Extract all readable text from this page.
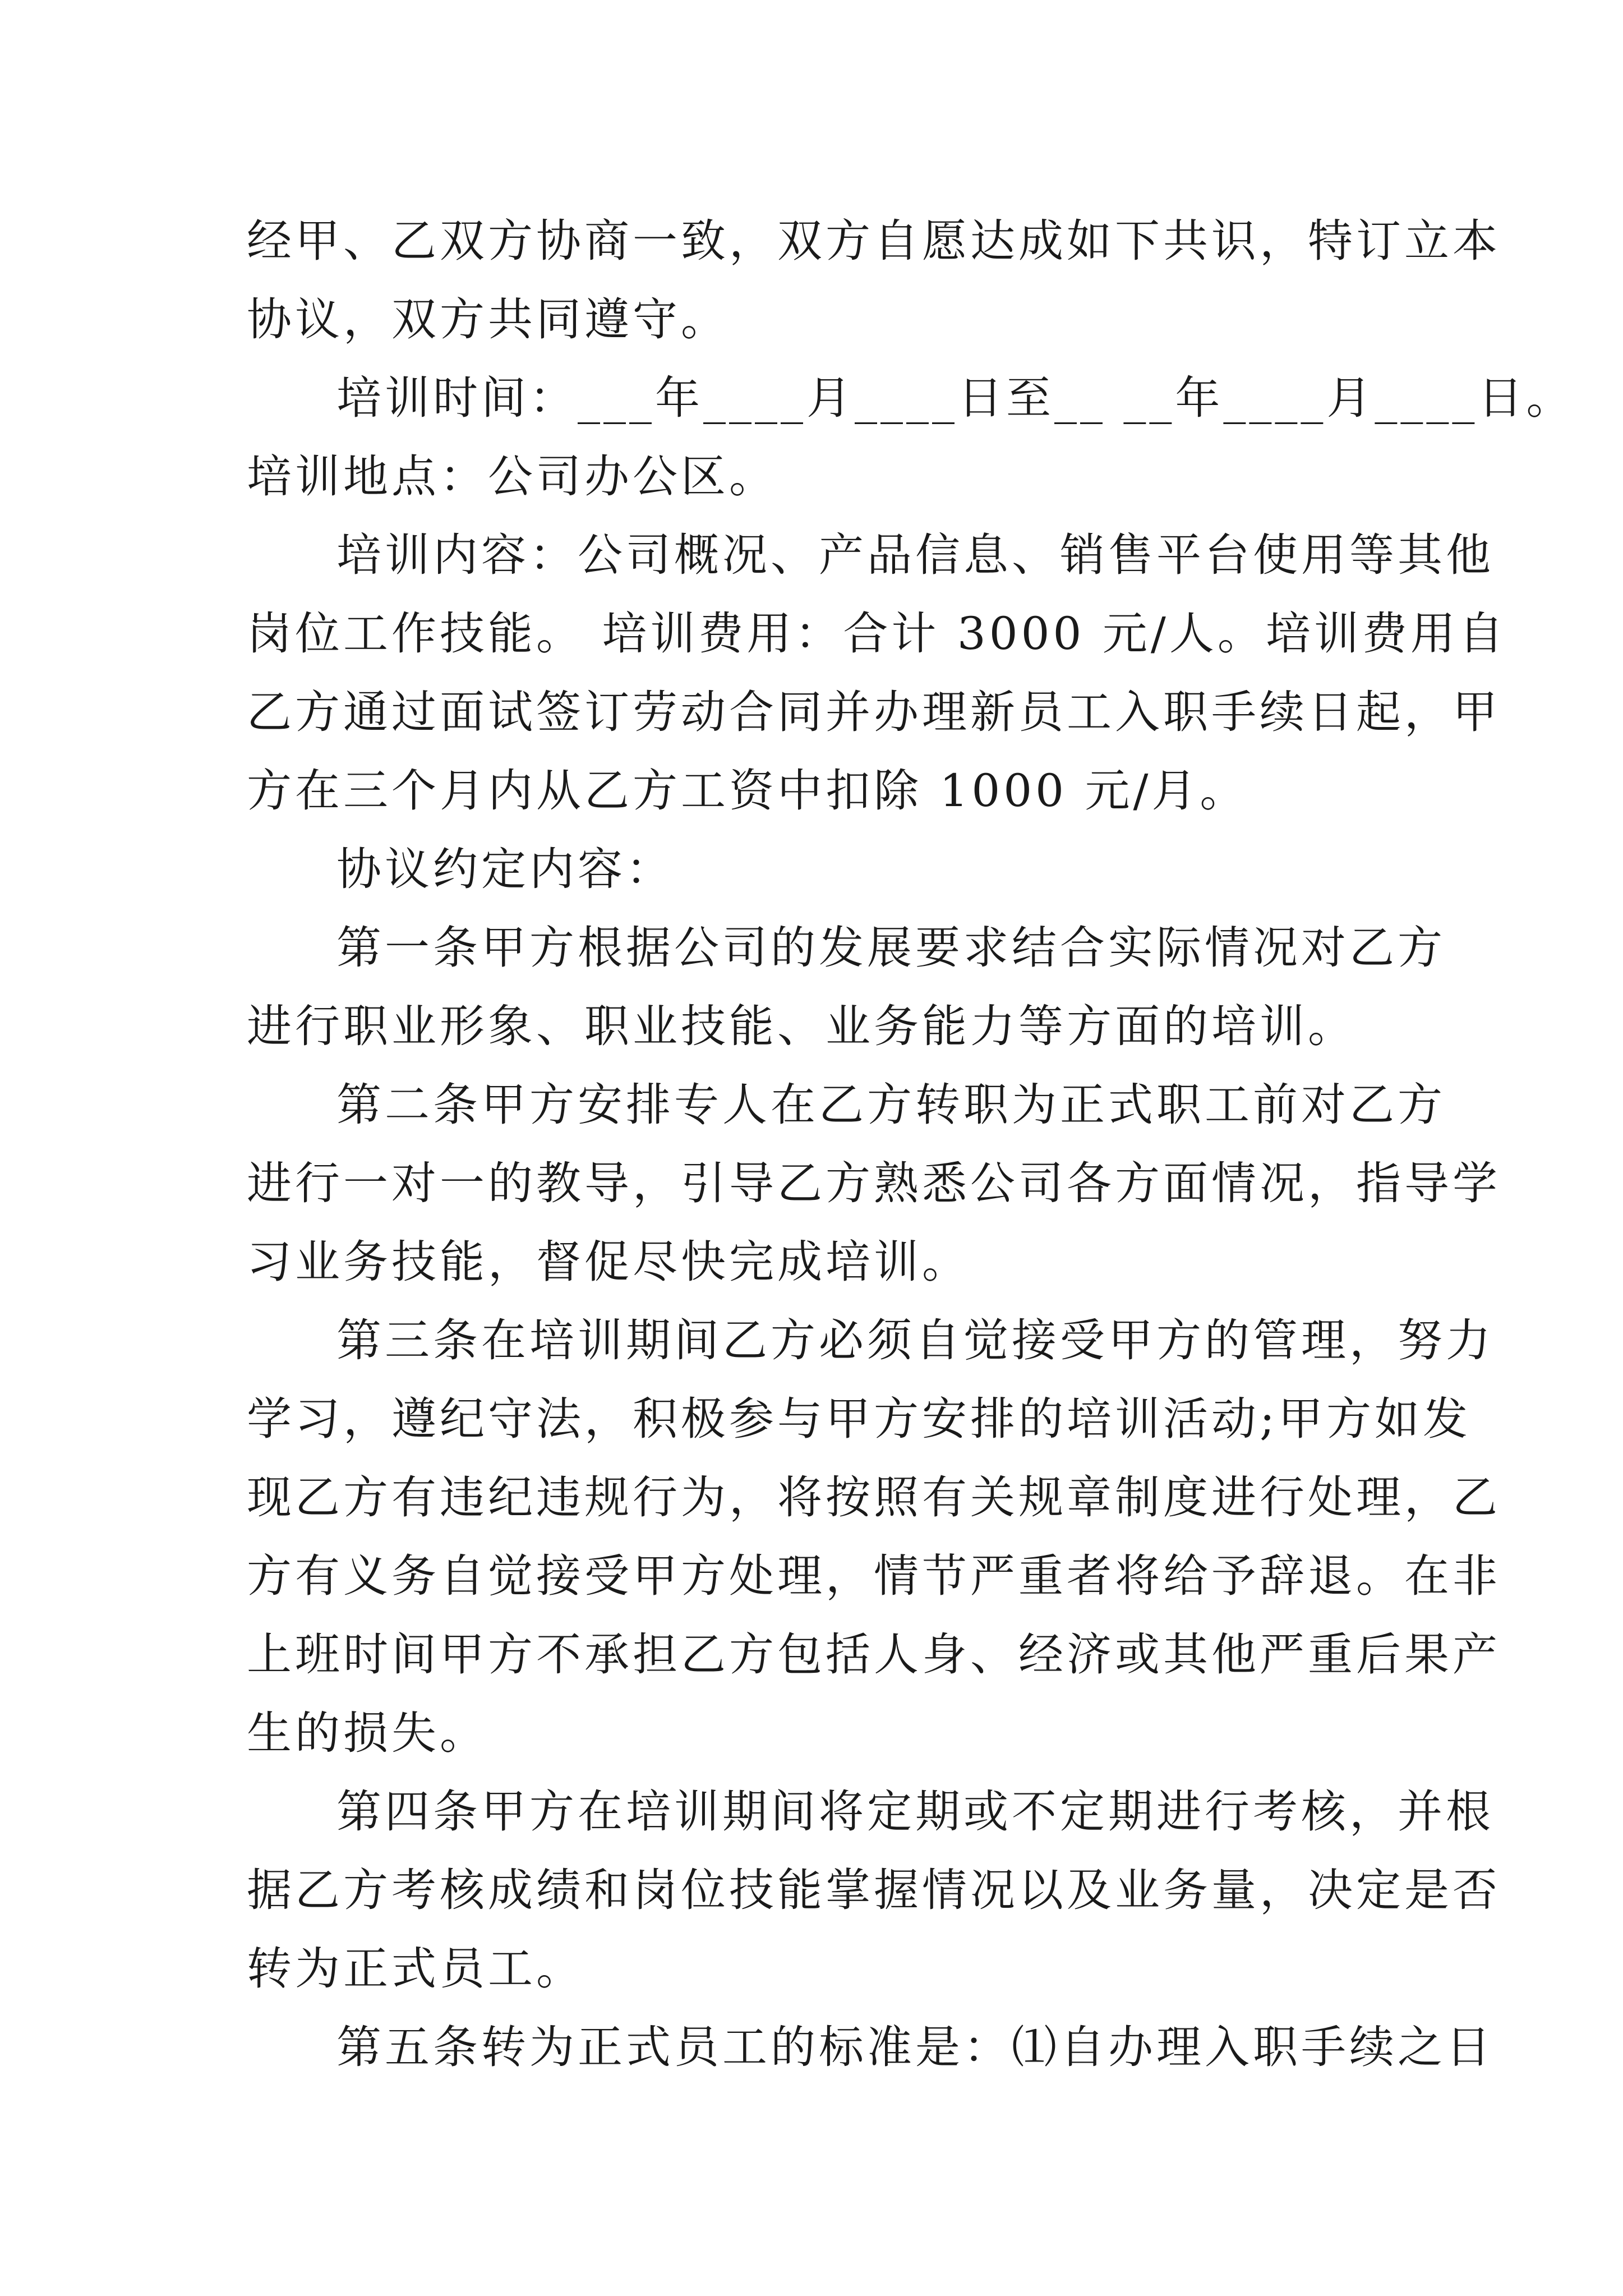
经甲、乙双方协商一致，双方自愿达成如下共识，特订立本
协议，双方共同遵守。
培训时间：___年____月____日至__ __年____月____日。
培训地点：公司办公区。
培训内容：公司概况、产品信息、销售平台使用等其他
岗位工作技能。 培训费用：合计 3000 元/人。培训费用自
乙方通过面试签订劳动合同并办理新员工入职手续日起，甲
方在三个月内从乙方工资中扣除 1000 元/月。
协议约定内容：
第一条甲方根据公司的发展要求结合实际情况对乙方
进行职业形象、职业技能、业务能力等方面的培训。
第二条甲方安排专人在乙方转职为正式职工前对乙方
进行一对一的教导，引导乙方熟悉公司各方面情况，指导学
习业务技能，督促尽快完成培训。
第三条在培训期间乙方必须自觉接受甲方的管理，努力
学习，遵纪守法，积极参与甲方安排的培训活动;甲方如发
现乙方有违纪违规行为，将按照有关规章制度进行处理，乙
方有义务自觉接受甲方处理，情节严重者将给予辞退。在非
上班时间甲方不承担乙方包括人身、经济或其他严重后果产
生的损失。
第四条甲方在培训期间将定期或不定期进行考核，并根
据乙方考核成绩和岗位技能掌握情况以及业务量，决定是否
转为正式员工。
第五条转为正式员工的标准是：⑴自办理入职手续之日
